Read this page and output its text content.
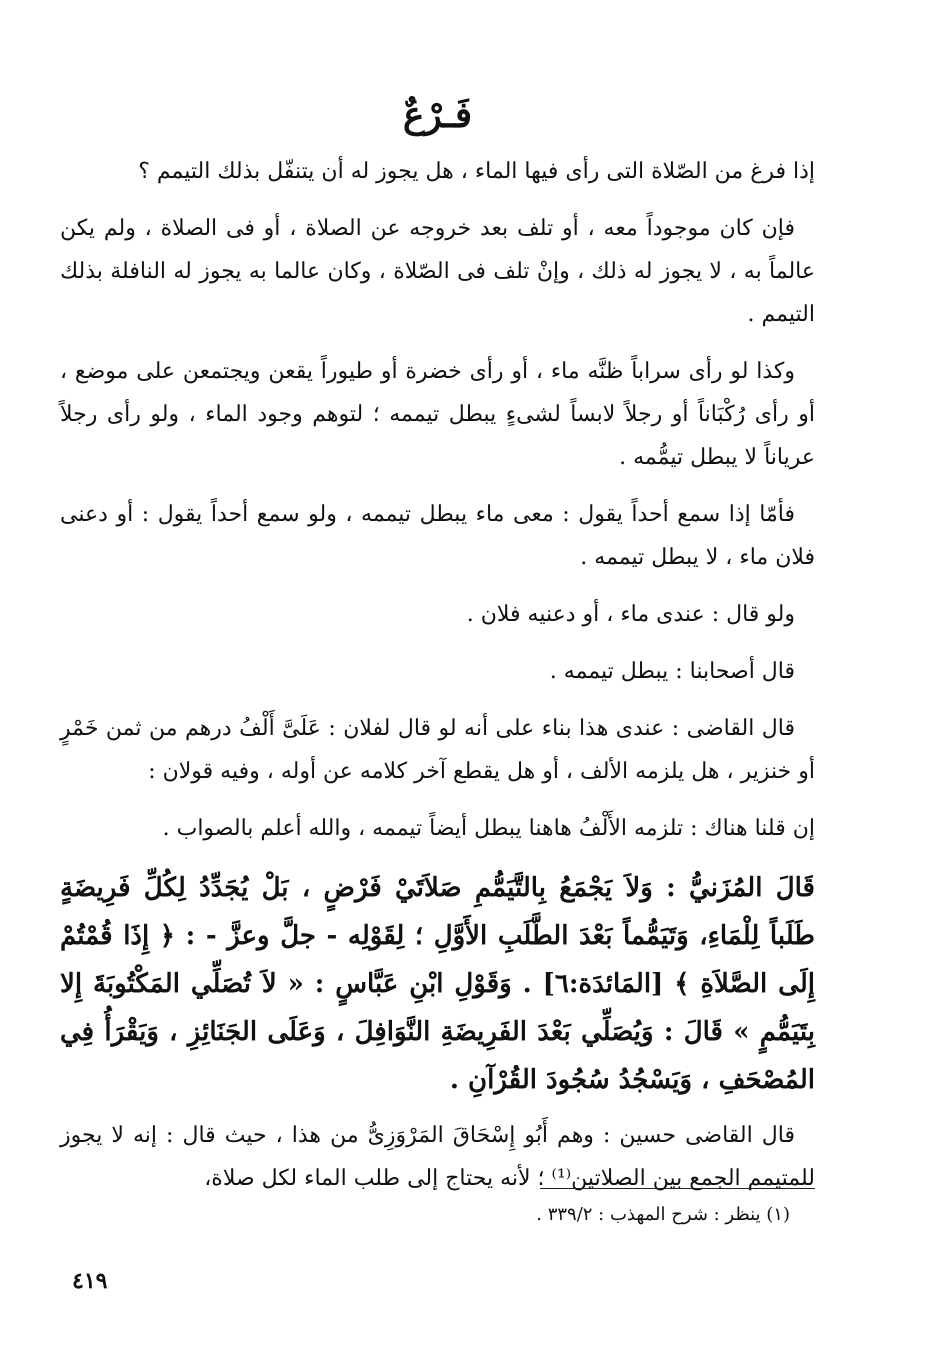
فَـرْعٌ

إذا فرغ من الصّلاة التى رأى فيها الماء ، هل يجوز له أن يتنفّل بذلك التيمم ؟

فإن كان موجوداً معه ، أو تلف بعد خروجه عن الصلاة ، أو فى الصلاة ، ولم يكن عالماً به ، لا يجوز له ذلك ، وإنْ تلف فى الصّلاة ، وكان عالما به يجوز له النافلة بذلك التيمم .

وكذا لو رأى سراباً ظنَّه ماء ، أو رأى خضرة أو طيوراً يقعن ويجتمعن على موضع ، أو رأى رُكْبَاناً أو رجلاً لابساً لشىءٍ يبطل تيممه ؛ لتوهم وجود الماء ، ولو رأى رجلاً عرياناً لا يبطل تيمُّمه .

فأمّا إذا سمع أحداً يقول : معى ماء يبطل تيممه ، ولو سمع أحداً يقول : أو دعنى فلان ماء ، لا يبطل تيممه .

ولو قال : عندى ماء ، أو دعنيه فلان .

قال أصحابنا : يبطل تيممه .

قال القاضى : عندى هذا بناء على أنه لو قال لفلان : عَلَىَّ أَلْفُ درهم من ثمن خَمْرٍ أو خنزير ، هل يلزمه الألف ، أو هل يقطع آخر كلامه عن أوله ، وفيه قولان :

إن قلنا هناك : تلزمه الأَلْفُ هاهنا يبطل أيضاً تيممه ، والله أعلم بالصواب .

قَالَ المُزَنيُّ : وَلاَ يَجْمَعُ بِالتَّيَمُّمِ صَلاَتَيْ فَرْضٍ ، بَلْ يُجَدِّدُ لِكُلِّ فَرِيضَةٍ طَلَباً لِلْمَاءِ، وَتَيَمُّماً بَعْدَ الطَّلَبِ الأَوَّلِ ؛ لِقَوْلِه - جلَّ وعزَّ - : ﴿ إِذَا قُمْتُمْ إِلَى الصَّلاَةِ ﴾ [المَائدَة:٦] . وَقَوْلِ ابْنِ عَبَّاسٍ : « لاَ تُصَلِّي المَكْتُوبَةَ إِلا بِتَيَمُّمٍ » قَالَ : وَيُصَلِّي بَعْدَ الفَرِيضَةِ النَّوَافِلَ ، وَعَلَى الجَنَائِزِ ، وَيَقْرَأُ فِي المُصْحَفِ ، وَيَسْجُدُ سُجُودَ القُرْآنِ .

قال القاضى حسين : وهم أَبُو إِسْحَاقَ المَرْوَزِىُّ من هذا ، حيث قال : إنه لا يجوز للمتيمم الجمع بين الصلاتين⁽¹⁾ ؛ لأنه يحتاج إلى طلب الماء لكل صلاة،

(١) ينظر : شرح المهذب : ٣٣٩/٢ .
٤١٩
